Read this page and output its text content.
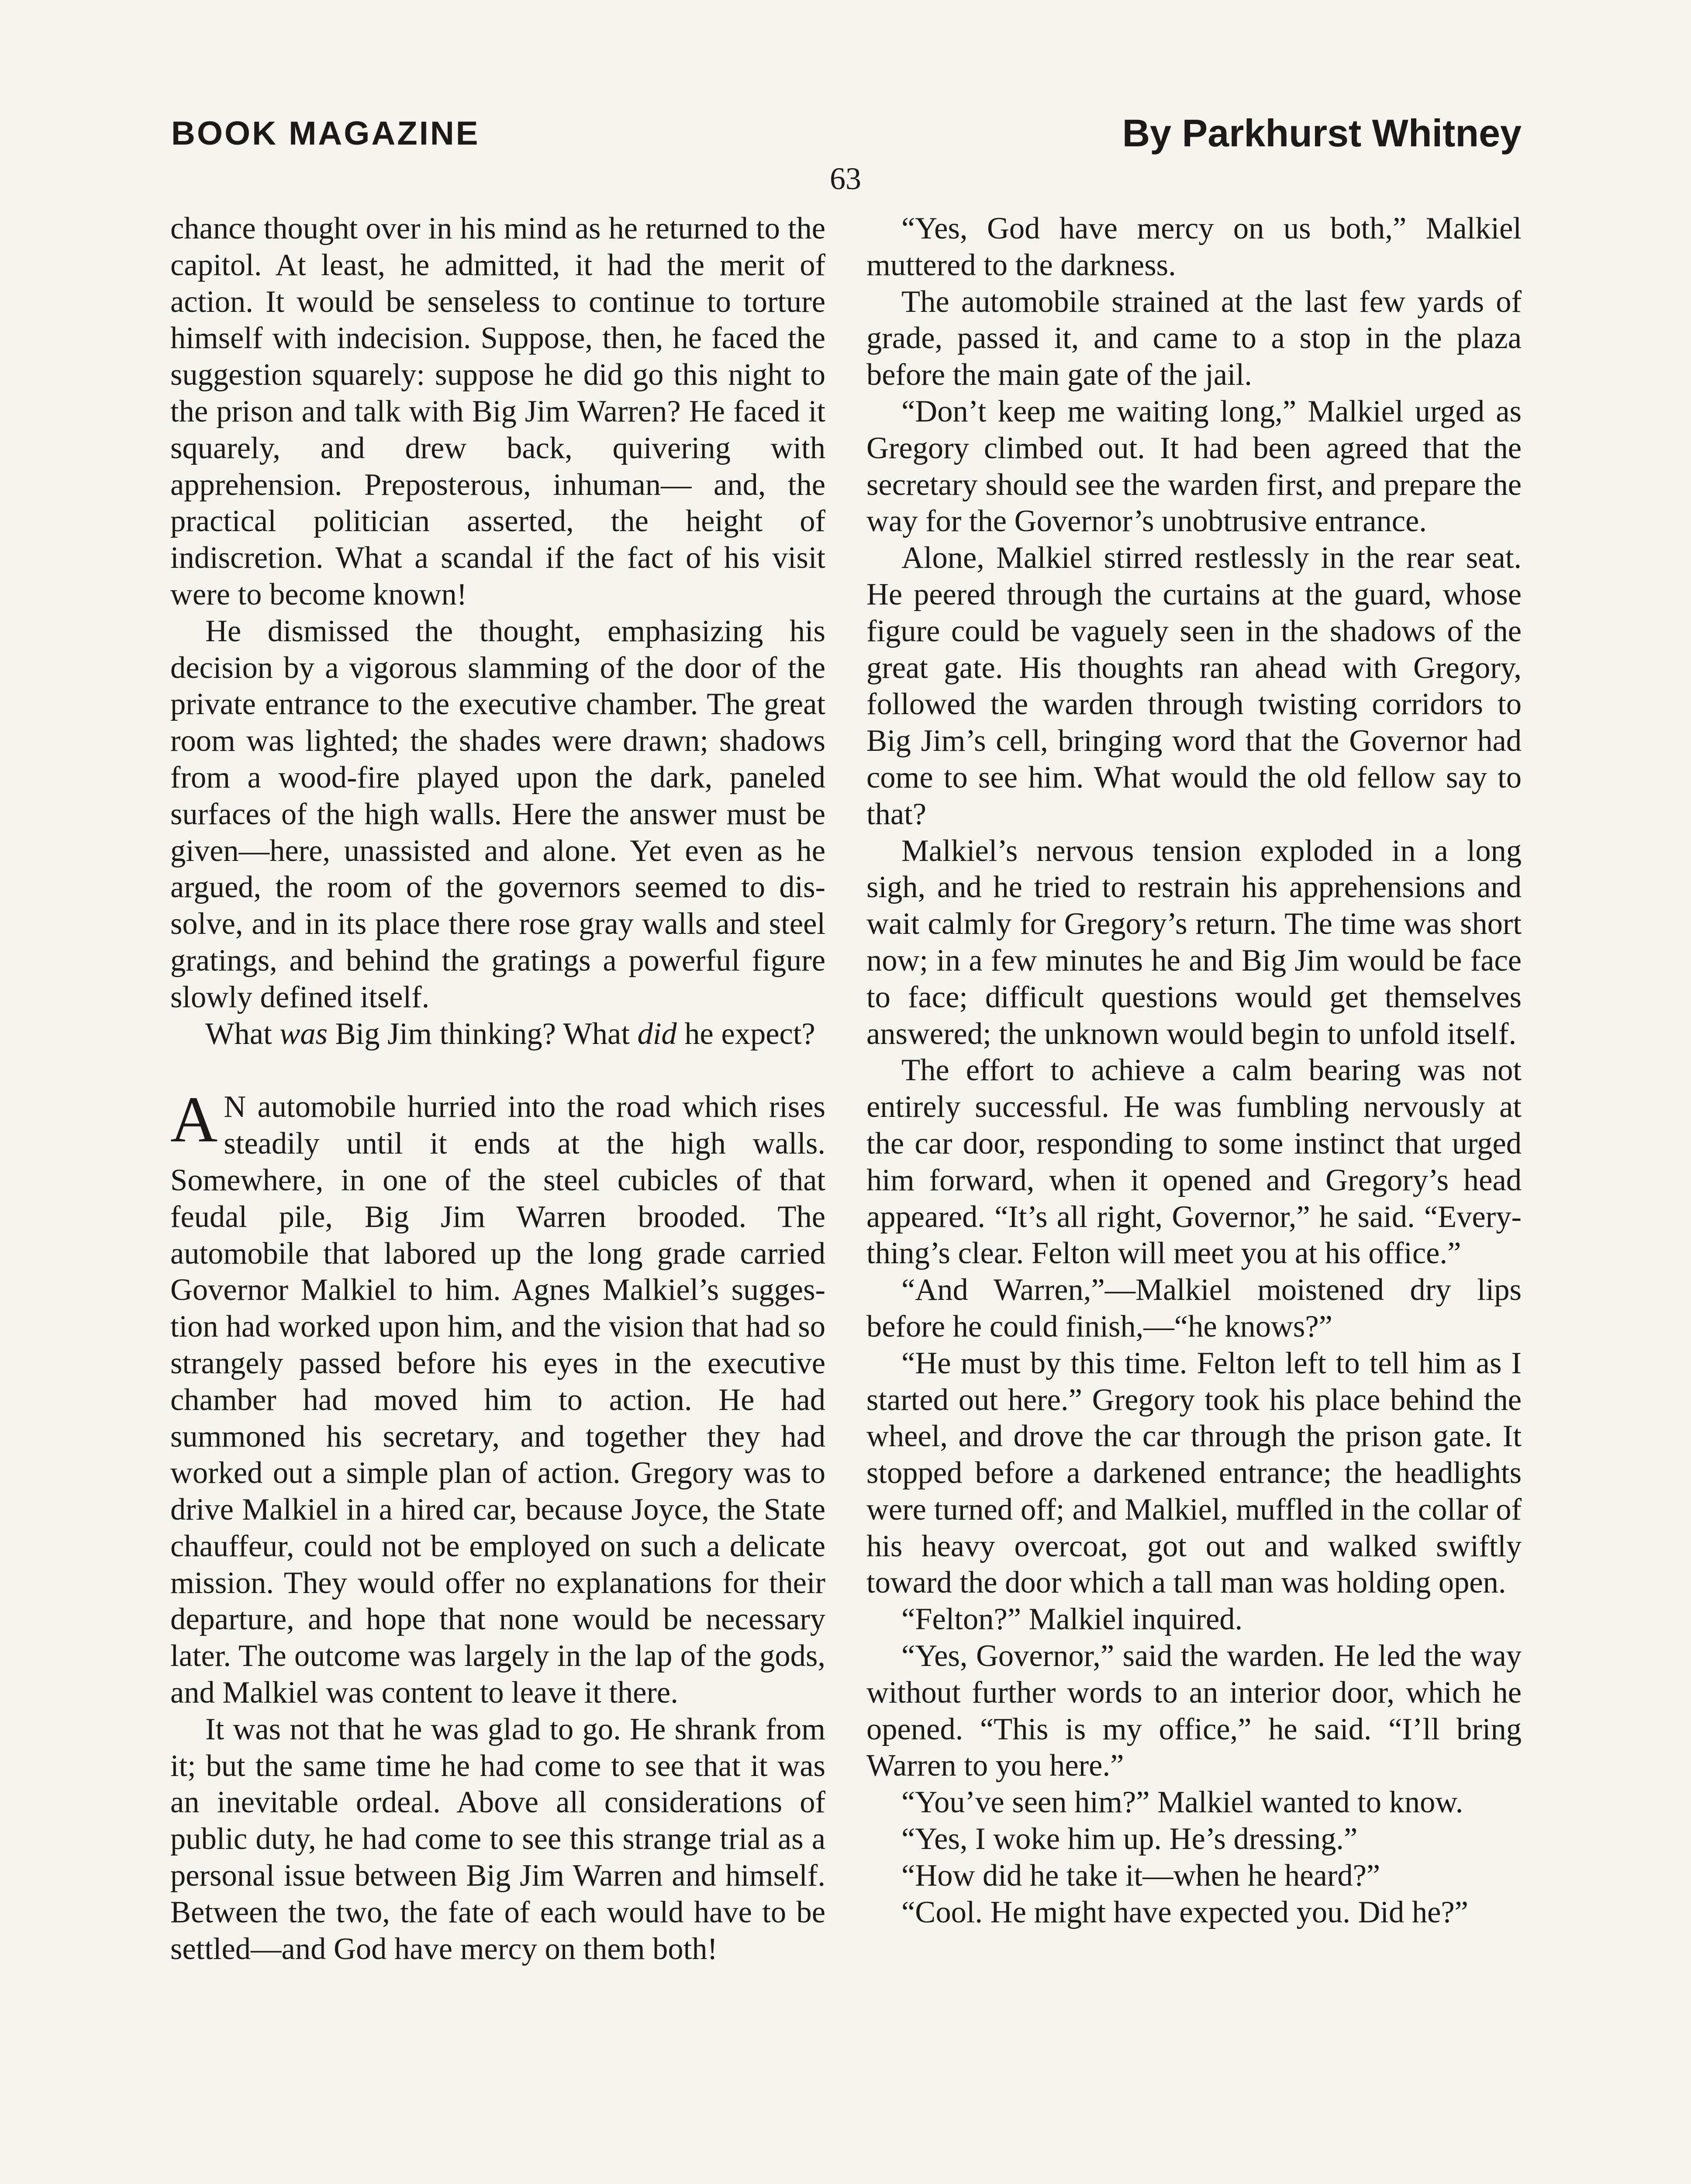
BOOK MAGAZINE	By Parkhurst Whitney
63

chance thought over in his mind as he returned to the capitol. At least, he admitted, it had the merit of action. It would be senseless to continue to torture himself with indecision. Suppose, then, he faced the suggestion squarely: suppose he did go this night to the prison and talk with Big Jim Warren? He faced it squarely, and drew back, quivering with apprehension. Preposterous, inhuman— and, the practical politician asserted, the height of indiscretion. What a scandal if the fact of his visit were to become known!

He dismissed the thought, emphasizing his decision by a vigorous slamming of the door of the private entrance to the executive chamber. The great room was lighted; the shades were drawn; shadows from a wood-fire played upon the dark, paneled surfaces of the high walls. Here the answer must be given—here, unassisted and alone. Yet even as he argued, the room of the governors seemed to dissolve, and in its place there rose gray walls and steel gratings, and behind the gratings a powerful figure slowly defined itself.

What was Big Jim thinking? What did he expect?

A N automobile hurried into the road which rises steadily until it ends at the high walls. Somewhere, in one of the steel cubicles of that feudal pile, Big Jim Warren brooded. The automobile that labored up the long grade carried Governor Malkiel to him. Agnes Malkiel’s suggestion had worked upon him, and the vision that had so strangely passed before his eyes in the executive chamber had moved him to action. He had summoned his secretary, and together they had worked out a simple plan of action. Gregory was to drive Malkiel in a hired car, because Joyce, the State chauffeur, could not be employed on such a delicate mission. They would offer no explanations for their departure, and hope that none would be necessary later. The outcome was largely in the lap of the gods, and Malkiel was content to leave it there.

It was not that he was glad to go. He shrank from it; but the same time he had come to see that it was an inevitable ordeal. Above all considerations of public duty, he had come to see this strange trial as a personal issue between Big Jim Warren and himself. Between the two, the fate of each would have to be settled—and God have mercy on them both!

“Yes, God have mercy on us both,” Malkiel muttered to the darkness.

The automobile strained at the last few yards of grade, passed it, and came to a stop in the plaza before the main gate of the jail.

“Don’t keep me waiting long,” Malkiel urged as Gregory climbed out. It had been agreed that the secretary should see the warden first, and prepare the way for the Governor’s unobtrusive entrance.

Alone, Malkiel stirred restlessly in the rear seat. He peered through the curtains at the guard, whose figure could be vaguely seen in the shadows of the great gate. His thoughts ran ahead with Gregory, followed the warden through twisting corridors to Big Jim’s cell, bringing word that the Governor had come to see him. What would the old fellow say to that?

Malkiel’s nervous tension exploded in a long sigh, and he tried to restrain his apprehensions and wait calmly for Gregory’s return. The time was short now; in a few minutes he and Big Jim would be face to face; difficult questions would get themselves answered; the unknown would begin to unfold itself.

The effort to achieve a calm bearing was not entirely successful. He was fumbling nervously at the car door, responding to some instinct that urged him forward, when it opened and Gregory’s head appeared. “It’s all right, Governor,” he said. “Everything’s clear. Felton will meet you at his office.”

“And Warren,”—Malkiel moistened dry lips before he could finish,—“he knows?”

“He must by this time. Felton left to tell him as I started out here.” Gregory took his place behind the wheel, and drove the car through the prison gate. It stopped before a darkened entrance; the headlights were turned off; and Malkiel, muffled in the collar of his heavy overcoat, got out and walked swiftly toward the door which a tall man was holding open.

“Felton?” Malkiel inquired.

“Yes, Governor,” said the warden. He led the way without further words to an interior door, which he opened. “This is my office,” he said. “I’ll bring Warren to you here.”

“You’ve seen him?” Malkiel wanted to know.

“Yes, I woke him up. He’s dressing.”

“How did he take it—when he heard?”

“Cool. He might have expected you. Did he?”
